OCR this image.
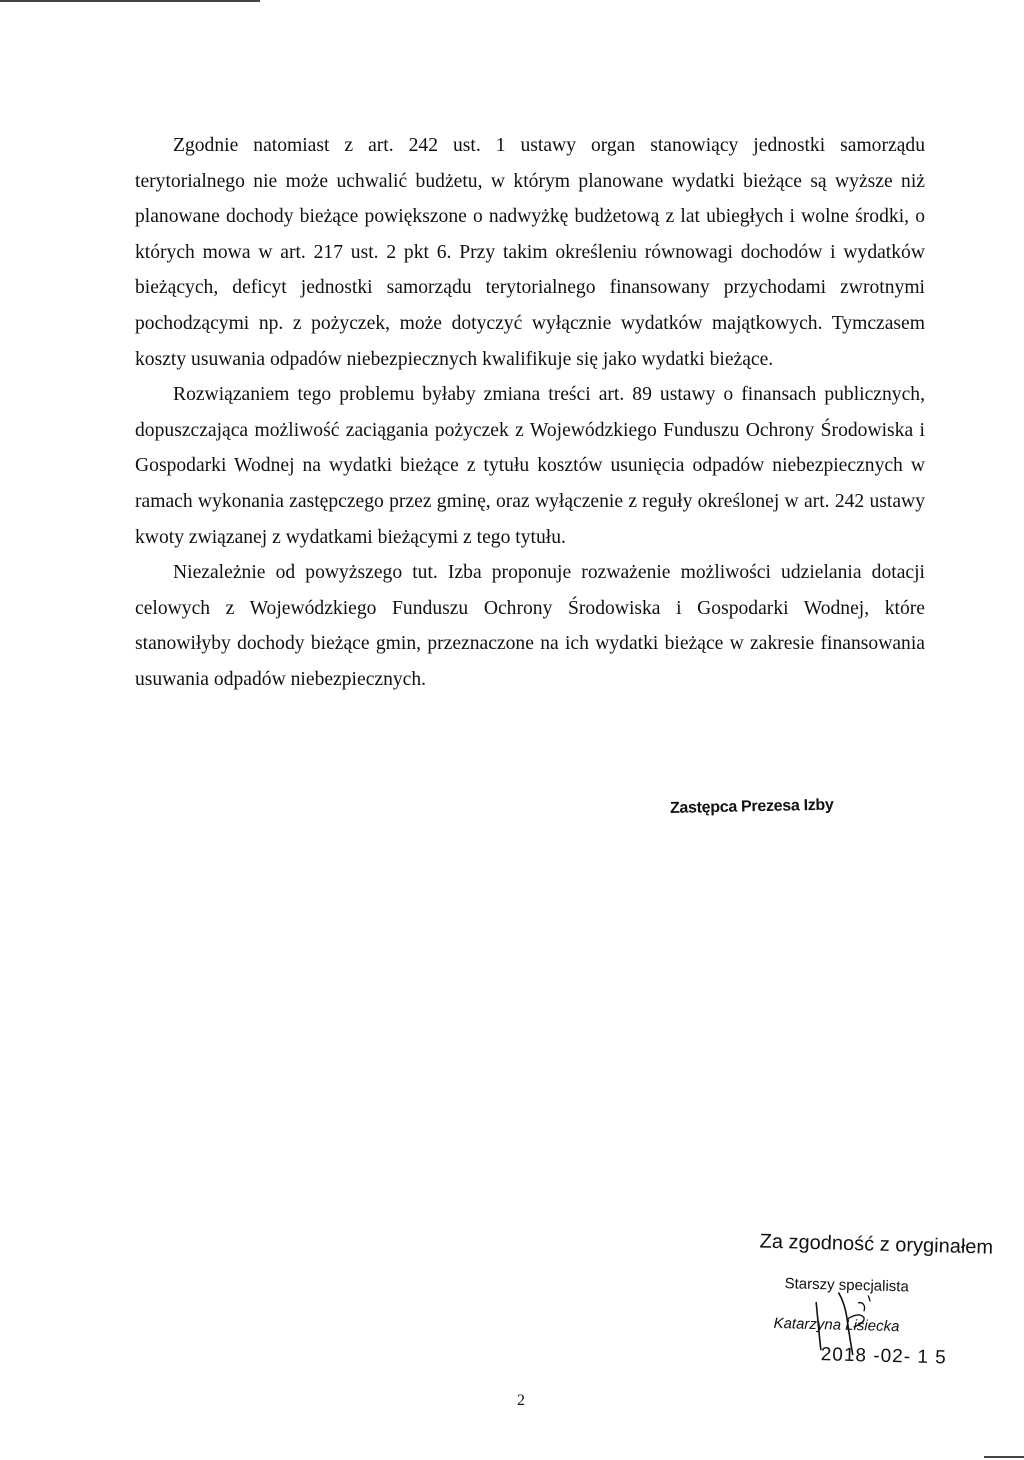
Zgodnie natomiast z art. 242 ust. 1 ustawy organ stanowiący jednostki samorządu terytorialnego nie może uchwalić budżetu, w którym planowane wydatki bieżące są wyższe niż planowane dochody bieżące powiększone o nadwyżkę budżetową z lat ubiegłych i wolne środki, o których mowa w art. 217 ust. 2 pkt 6. Przy takim określeniu równowagi dochodów i wydatków bieżących, deficyt jednostki samorządu terytorialnego finansowany przychodami zwrotnymi pochodzącymi np. z pożyczek, może dotyczyć wyłącznie wydatków majątkowych. Tymczasem koszty usuwania odpadów niebezpiecznych kwalifikuje się jako wydatki bieżące.

Rozwiązaniem tego problemu byłaby zmiana treści art. 89 ustawy o finansach publicznych, dopuszczająca możliwość zaciągania pożyczek z Wojewódzkiego Funduszu Ochrony Środowiska i Gospodarki Wodnej na wydatki bieżące z tytułu kosztów usunięcia odpadów niebezpiecznych w ramach wykonania zastępczego przez gminę, oraz wyłączenie z reguły określonej w art. 242 ustawy kwoty związanej z wydatkami bieżącymi z tego tytułu.

Niezależnie od powyższego tut. Izba proponuje rozważenie możliwości udzielania dotacji celowych z Wojewódzkiego Funduszu Ochrony Środowiska i Gospodarki Wodnej, które stanowiłyby dochody bieżące gmin, przeznaczone na ich wydatki bieżące w zakresie finansowania usuwania odpadów niebezpiecznych.

Zastępca Prezesa Izby
Za zgodność z oryginałem
Starszy specjalista
Katarzyna Lisiecka
2018 -02- 1 5
2
